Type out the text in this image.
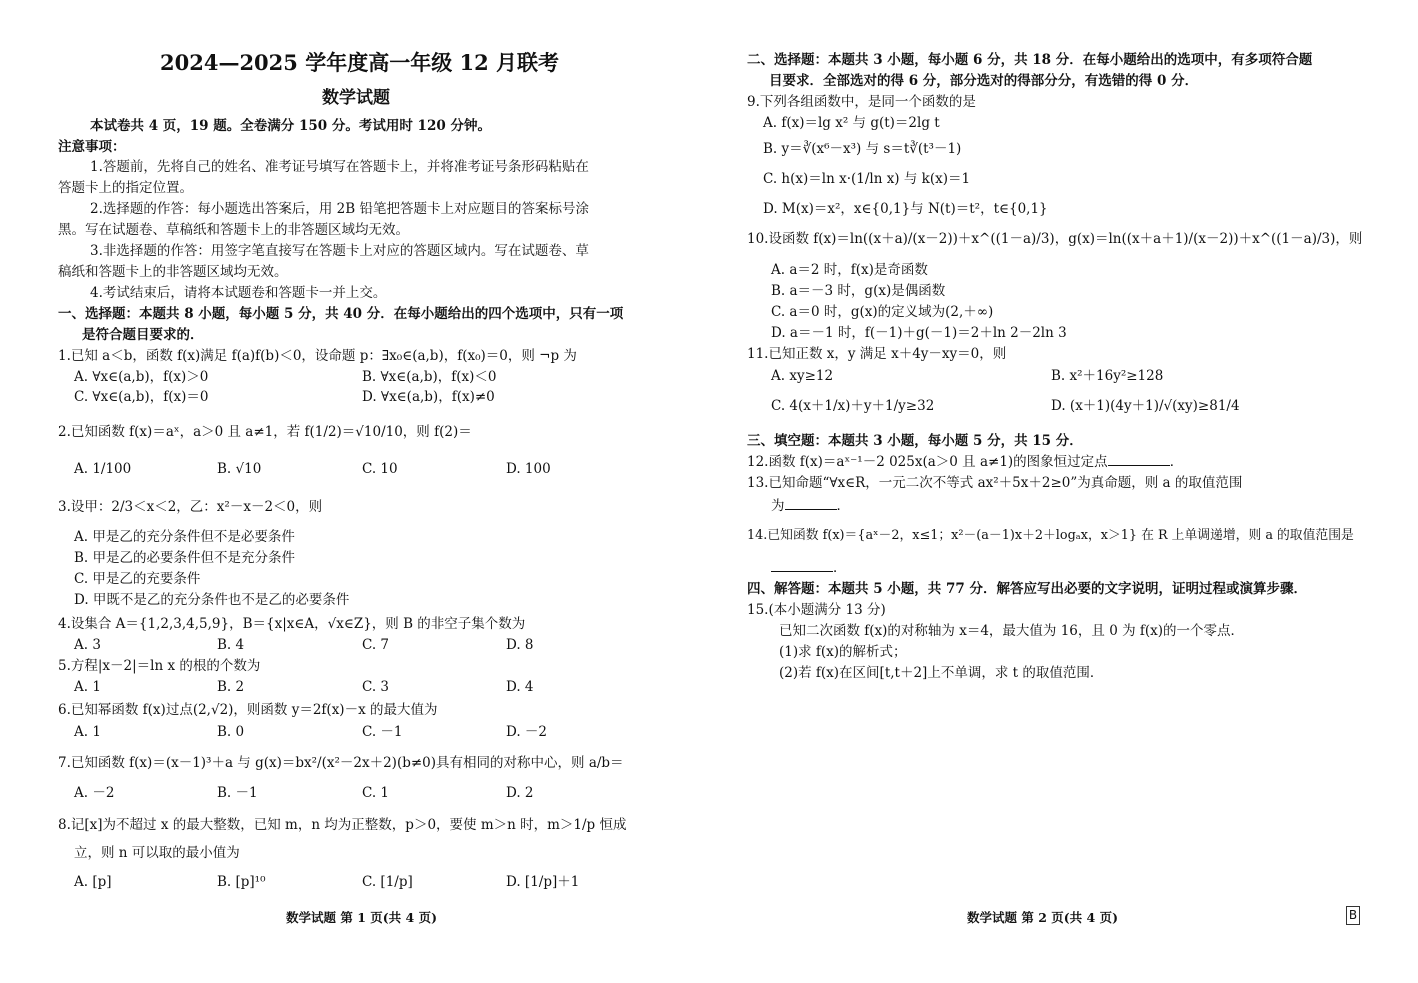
2024—2025 学年度高一年级 12 月联考
数学试题
本试卷共 4 页，19 题。全卷满分 150 分。考试用时 120 分钟。
注意事项：
1.答题前，先将自己的姓名、准考证号填写在答题卡上，并将准考证号条形码粘贴在
答题卡上的指定位置。
2.选择题的作答：每小题选出答案后，用 2B 铅笔把答题卡上对应题目的答案标号涂
黑。写在试题卷、草稿纸和答题卡上的非答题区域均无效。
3.非选择题的作答：用签字笔直接写在答题卡上对应的答题区域内。写在试题卷、草
稿纸和答题卡上的非答题区域均无效。
4.考试结束后，请将本试题卷和答题卡一并上交。
一、选择题：本题共 8 小题，每小题 5 分，共 40 分．在每小题给出的四个选项中，只有一项
是符合题目要求的．
1.已知 a＜b，函数 f(x)满足 f(a)f(b)＜0，设命题 p：∃x₀∈(a,b)，f(x₀)＝0，则 ¬p 为
A. ∀x∈(a,b)，f(x)＞0	B. ∀x∈(a,b)，f(x)＜0
C. ∀x∈(a,b)，f(x)＝0	D. ∀x∈(a,b)，f(x)≠0
2.已知函数 f(x)＝aˣ，a＞0 且 a≠1，若 f(1/2)＝√10/10，则 f(2)＝
A. 1/100	B. √10	C. 10	D. 100
3.设甲：2/3＜x＜2，乙：x²－x－2＜0，则
A. 甲是乙的充分条件但不是必要条件
B. 甲是乙的必要条件但不是充分条件
C. 甲是乙的充要条件
D. 甲既不是乙的充分条件也不是乙的必要条件
4.设集合 A＝{1,2,3,4,5,9}，B＝{x|x∈A，√x∈Z}，则 B 的非空子集个数为
A. 3	B. 4	C. 7	D. 8
5.方程|x－2|＝ln x 的根的个数为
A. 1	B. 2	C. 3	D. 4
6.已知幂函数 f(x)过点(2,√2)，则函数 y＝2f(x)－x 的最大值为
A. 1	B. 0	C. －1	D. －2
7.已知函数 f(x)＝(x－1)³＋a 与 g(x)＝bx²/(x²－2x＋2)(b≠0)具有相同的对称中心，则 a/b＝
A. －2	B. －1	C. 1	D. 2
8.记[x]为不超过 x 的最大整数，已知 m，n 均为正整数，p＞0，要使 m＞n 时，m＞1/p 恒成
立，则 n 可以取的最小值为
A. [p]	B. [p]¹⁰	C. [1/p]	D. [1/p]＋1
数学试题 第 1 页(共 4 页)
二、选择题：本题共 3 小题，每小题 6 分，共 18 分．在每小题给出的选项中，有多项符合题
目要求．全部选对的得 6 分，部分选对的得部分分，有选错的得 0 分．
9.下列各组函数中，是同一个函数的是
A. f(x)＝lg x² 与 g(t)＝2lg t
B. y＝∛(x⁶－x³) 与 s＝t∛(t³－1)
C. h(x)＝ln x·(1/ln x) 与 k(x)＝1
D. M(x)＝x²，x∈{0,1}与 N(t)＝t²，t∈{0,1}
10.设函数 f(x)＝ln((x＋a)/(x－2))＋x^((1－a)/3)，g(x)＝ln((x＋a＋1)/(x－2))＋x^((1－a)/3)，则
A. a＝2 时，f(x)是奇函数
B. a＝－3 时，g(x)是偶函数
C. a＝0 时，g(x)的定义域为(2,＋∞)
D. a＝－1 时，f(－1)＋g(－1)＝2＋ln 2－2ln 3
11.已知正数 x，y 满足 x＋4y－xy＝0，则
A. xy≥12	B. x²＋16y²≥128
C. 4(x＋1/x)＋y＋1/y≥32	D. (x＋1)(4y＋1)/√(xy)≥81/4
三、填空题：本题共 3 小题，每小题 5 分，共 15 分．
12.函数 f(x)＝aˣ⁻¹－2 025x(a＞0 且 a≠1)的图象恒过定点	．
13.已知命题“∀x∈R，一元二次不等式 ax²＋5x＋2≥0”为真命题，则 a 的取值范围
为	．
14.已知函数 f(x)＝{aˣ－2，x≤1；x²－(a－1)x＋2＋logₐx，x＞1} 在 R 上单调递增，则 a 的取值范围是
．
四、解答题：本题共 5 小题，共 77 分．解答应写出必要的文字说明，证明过程或演算步骤．
15.(本小题满分 13 分)
已知二次函数 f(x)的对称轴为 x＝4，最大值为 16，且 0 为 f(x)的一个零点．
(1)求 f(x)的解析式；
(2)若 f(x)在区间[t,t＋2]上不单调，求 t 的取值范围．
数学试题 第 2 页(共 4 页)	B
